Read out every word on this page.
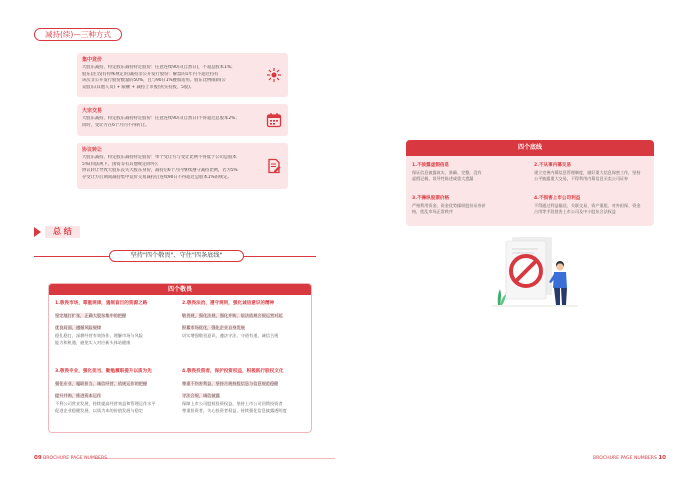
减持(续)—三种方式
集中竞价
大股东减持、特定股东减持特定股份：任意连续90日(自然日)，不超总股本1%；
股东(注:没有特殊规定的)减持非公开发行股份：解禁的1年内不超过持有
该次非公开发行股份数量的50%，且与90日1%叠加适用。股东比例限制(公
众股东/其他人员) + 限额 + 减持上市股份(实持股，5股)。
大宗交易
大股东减持、特定股东减持特定股份：任意连续90日(自然日)不得超过总股本2%；
同时，受让方在6个月内不得转让。
协议转让
大股东减持、特定股东减持特定股份：单个受让方与受让比例不得低于公司总股本
5%(同法规下，国资等有其他规定除外)；
协议转让导致大股东丧失大股东身份，减持后6个月内继续遵守减持比例，若为5%
存受让方后期间减持集中竞价交易减持后连续90日不得超过总股本1%的规定。
总 结
坚持"四个敬畏"、守住"四条底线"
四个敬畏
1.敬畏市场，尊重规律，遏制盲目的资源之路
坚定地打扩张，正确大股东集中的把握
优良局面，遵循风险规律
稳扎稳打，深耕经营有效协作，理解市场与风险
能力和机遇，避免实入对应新头体站健康
2.敬畏法治，遵守规则，强化诚信意识的精神
敬畏规，强化法规，强化并购，依法依规合规运营对起
积累市场优化，强化企业自身发展
切实增强敬畏意识、遵法守法、守道有道，诚信合规
3.敬畏专业，强化担当，勤勉履职提升以质为先
强化专业，履职担当，诚信经营，依规运作的把握
提升并购，推进资本运作
不利公司营业发展，持续提高经营效益和管理运作水平
促进企业稳健发展，以质为本的价值发展与稳定
4.敬畏投资者，保护投资权益，积极践行股权文化
尊重不伤害利益，坚持合规持股信息与信息规范稳健
守法合规，诚信披露
保障上市公司股权投资权益，坚持上市公司回馈投资者
尊重投资者，关心投资者权益，持续强化信息披露透明度
09 BROCHURE PAGE NUMBERS
四个底线
1.不披露虚假信息
保证信息披露真实、准确、完整，没有
虚假记载、误导性陈述或重大遗漏
2.不从事内幕交易
建立完善内幕信息管理制度，做好重大信息保密工作，坚持
公平披露重大交易，不得利用内幕信息买卖公司证券
3.不操纵股票价格
严格利用资金、资金优势操纵股份证券价
格，扰乱市场正常秩序
4.不损害上市公司利益
不得通过利益输送、关联交易、资产重组、对外担保、资金
占用等手段侵害上市公司及中小股东合法权益
BROCHURE PAGE NUMBERS 10
